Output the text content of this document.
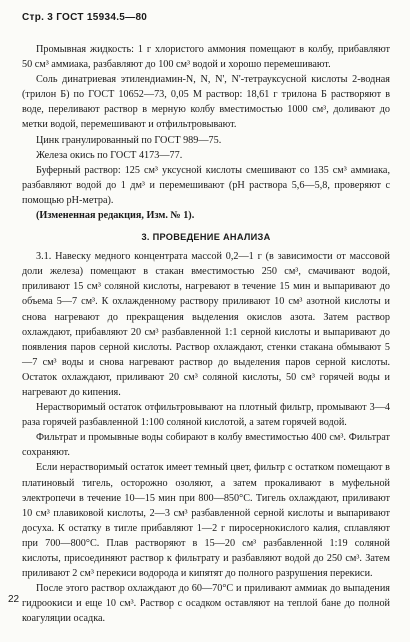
Стр. 3 ГОСТ 15934.5—80

Промывная жидкость: 1 г хлористого аммония помещают в колбу, прибавляют 50 см³ аммиака, разбавляют до 100 см³ водой и хорошо перемешивают.

Соль динатриевая этилендиамин-N, N, N', N'-тетрауксусной кислоты 2-водная (трилон Б) по ГОСТ 10652—73, 0,05 М раствор: 18,61 г трилона Б растворяют в воде, переливают раствор в мерную колбу вместимостью 1000 см³, доливают до метки водой, перемешивают и отфильтровывают.

Цинк гранулированный по ГОСТ 989—75.

Железа окись по ГОСТ 4173—77.

Буферный раствор: 125 см³ уксусной кислоты смешивают со 135 см³ аммиака, разбавляют водой до 1 дм³ и перемешивают (pH раствора 5,6—5,8, проверяют с помощью pH-метра).

(Измененная редакция, Изм. № 1).

3. ПРОВЕДЕНИЕ АНАЛИЗА

3.1. Навеску медного концентрата массой 0,2—1 г (в зависимости от массовой доли железа) помещают в стакан вместимостью 250 см³, смачивают водой, приливают 15 см³ соляной кислоты, нагревают в течение 15 мин и выпаривают до объема 5—7 см³. К охлажденному раствору приливают 10 см³ азотной кислоты и снова нагревают до прекращения выделения окислов азота. Затем раствор охлаждают, прибавляют 20 см³ разбавленной 1:1 серной кислоты и выпаривают до появления паров серной кислоты. Раствор охлаждают, стенки стакана обмывают 5—7 см³ воды и снова нагревают раствор до выделения паров серной кислоты. Остаток охлаждают, приливают 20 см³ соляной кислоты, 50 см³ горячей воды и нагревают до кипения.

Нерастворимый остаток отфильтровывают на плотный фильтр, промывают 3—4 раза горячей разбавленной 1:100 соляной кислотой, а затем горячей водой.

Фильтрат и промывные воды собирают в колбу вместимостью 400 см³. Фильтрат сохраняют.

Если нерастворимый остаток имеет темный цвет, фильтр с остатком помещают в платиновый тигель, осторожно озоляют, а затем прокаливают в муфельной электропечи в течение 10—15 мин при 800—850°С. Тигель охлаждают, приливают 10 см³ плавиковой кислоты, 2—3 см³ разбавленной серной кислоты и выпаривают досуха. К остатку в тигле прибавляют 1—2 г пиросернокислого калия, сплавляют при 700—800°С. Плав растворяют в 15—20 см³ разбавленной 1:19 соляной кислоты, присоединяют раствор к фильтрату и разбавляют водой до 250 см³. Затем приливают 2 см³ перекиси водорода и кипятят до полного разрушения перекиси.

После этого раствор охлаждают до 60—70°С и приливают аммиак до выпадения гидроокиси и еще 10 см³. Раствор с осадком оставляют на теплой бане до полной коагуляции осадка.

22
